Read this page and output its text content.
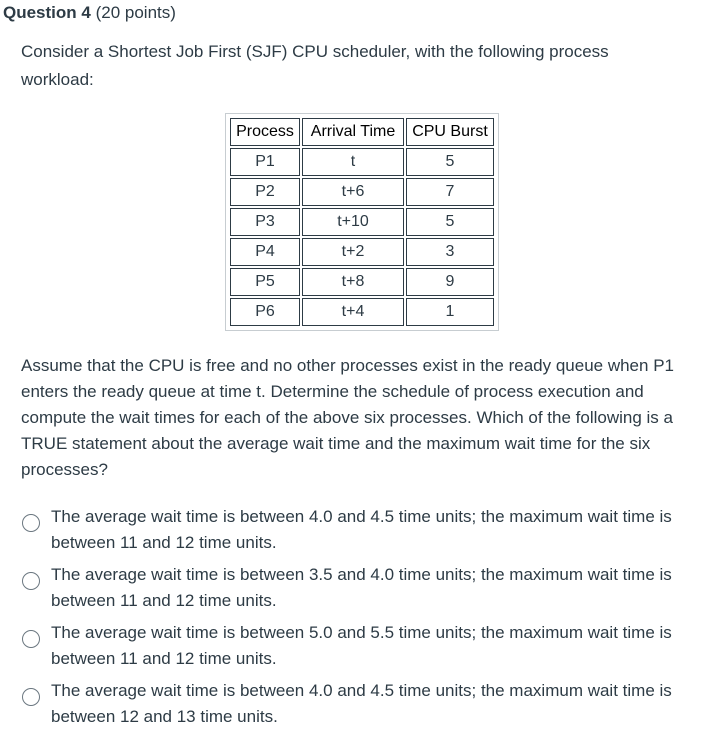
Question 4 (20 points)
Consider a Shortest Job First (SJF) CPU scheduler, with the following process workload:
Process	Arrival Time	CPU Burst
P1	t	5
P2	t+6	7
P3	t+10	5
P4	t+2	3
P5	t+8	9
P6	t+4	1
Assume that the CPU is free and no other processes exist in the ready queue when P1 enters the ready queue at time t. Determine the schedule of process execution and compute the wait times for each of the above six processes. Which of the following is a TRUE statement about the average wait time and the maximum wait time for the six processes?
The average wait time is between 4.0 and 4.5 time units; the maximum wait time is between 11 and 12 time units.
The average wait time is between 3.5 and 4.0 time units; the maximum wait time is between 11 and 12 time units.
The average wait time is between 5.0 and 5.5 time units; the maximum wait time is between 11 and 12 time units.
The average wait time is between 4.0 and 4.5 time units; the maximum wait time is between 12 and 13 time units.
